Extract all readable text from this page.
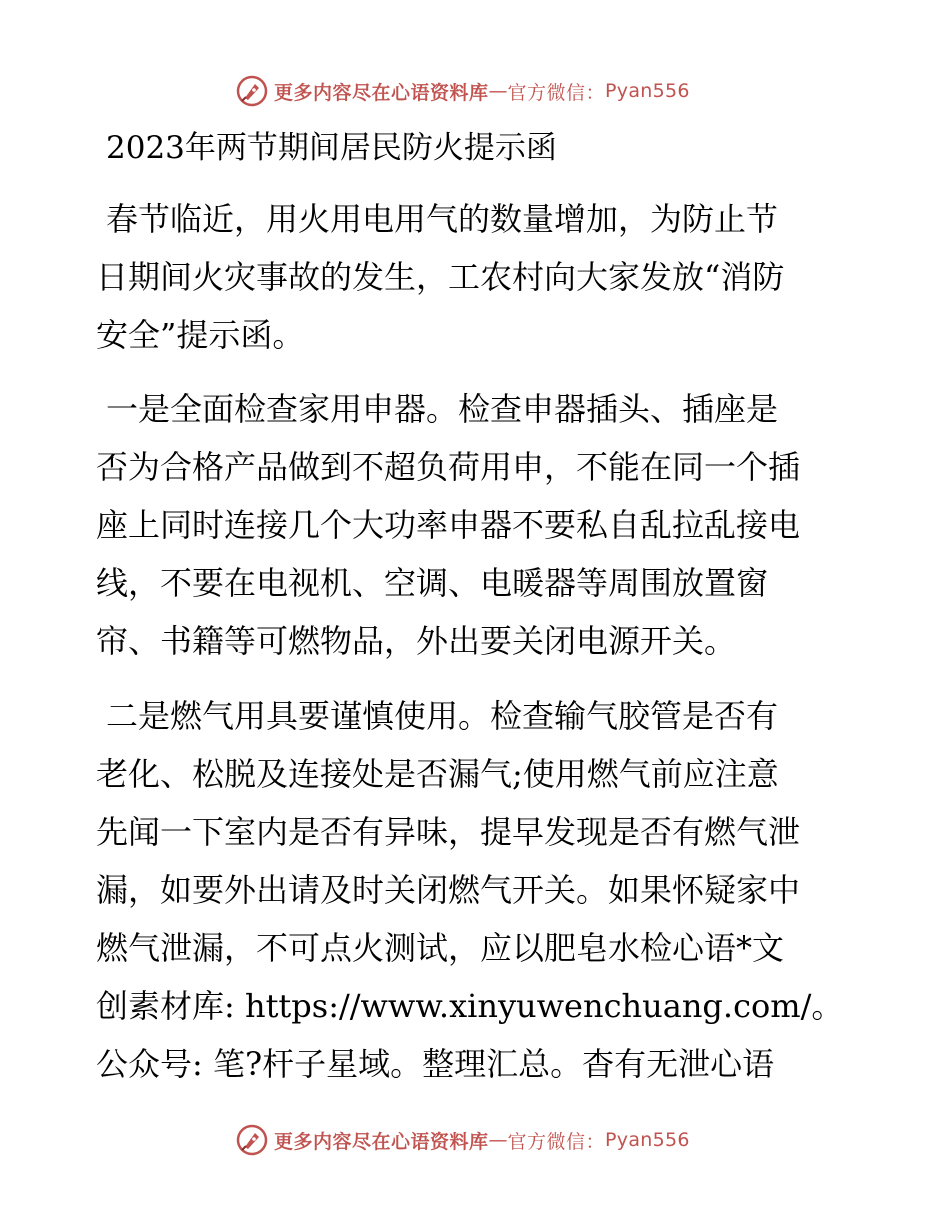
更多内容尽在心语资料库 — 官方微信： Pyan556
2023年两节期间居民防火提示函

春节临近，用火用电用气的数量增加，为防止节
日期间火灾事故的发生，工农村向大家发放“消防
安全”提示函。

一是全面检查家用申器。检查申器插头、插座是
否为合格产品做到不超负荷用申，不能在同一个插
座上同时连接几个大功率申器不要私自乱拉乱接电
线，不要在电视机、空调、电暖器等周围放置窗
帘、书籍等可燃物品，外出要关闭电源开关。

二是燃气用具要谨慎使用。检查输气胶管是否有
老化、松脱及连接处是否漏气;使用燃气前应注意
先闻一下室内是否有异味，提早发现是否有燃气泄
漏，如要外出请及时关闭燃气开关。如果怀疑家中
燃气泄漏，不可点火测试，应以肥皂水检心语*文
创素材库: https://www.xinyuwenchuang.com/。
公众号: 笔?杆子星域。整理汇总。杳有无泄心语

更多内容尽在心语资料库 — 官方微信： Pyan556
